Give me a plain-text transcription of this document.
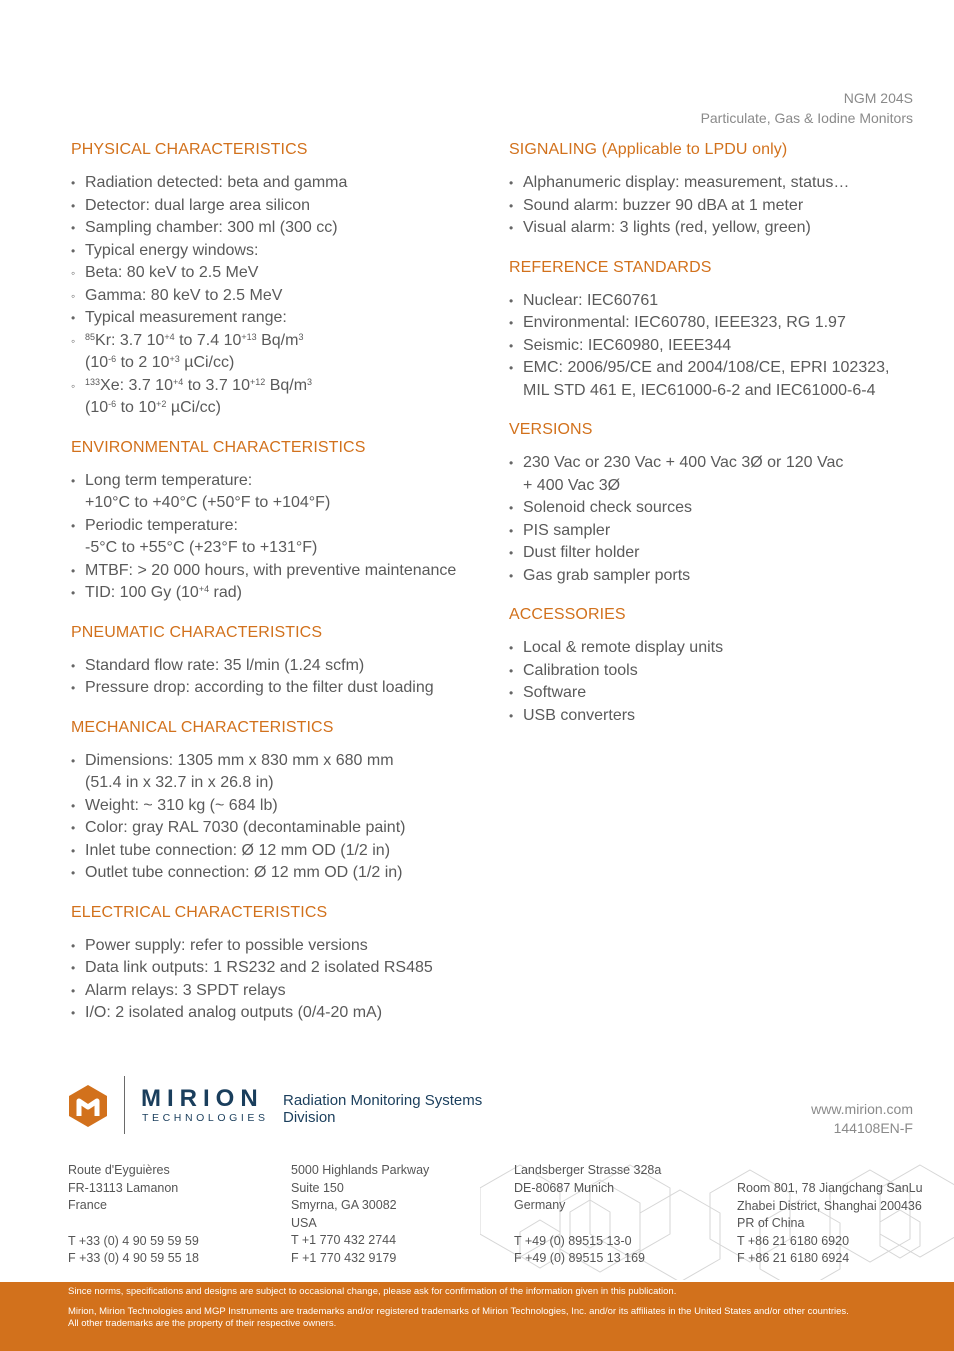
NGM 204S
Particulate, Gas & Iodine Monitors
PHYSICAL CHARACTERISTICS
• Radiation detected: beta and gamma
• Detector: dual large area silicon
• Sampling chamber: 300 ml (300 cc)
• Typical energy windows:
◦ Beta: 80 keV to 2.5 MeV
◦ Gamma: 80 keV to 2.5 MeV
• Typical measurement range:
◦ $^{85}$Kr: 3.7 $10^{+4}$ to 7.4 $10^{+13}$ $Bq/m^3$
($10^{-6}$ to 2 $10^{+3}$ µCi/cc)
◦ $^{133}$Xe: 3.7 $10^{+4}$ to 3.7 $10^{+12}$ $Bq/m^3$
($10^{-6}$ to $10^{+2}$ µCi/cc)
ENVIRONMENTAL CHARACTERISTICS
• Long term temperature:
+10°C to +40°C (+50°F to +104°F)
• Periodic temperature:
-5°C to +55°C (+23°F to +131°F)
• MTBF: > 20 000 hours, with preventive maintenance
• TID: 100 Gy ($10^{+4}$ rad)
PNEUMATIC CHARACTERISTICS
• Standard flow rate: 35 l/min (1.24 scfm)
• Pressure drop: according to the filter dust loading
MECHANICAL CHARACTERISTICS
• Dimensions: 1305 mm x 830 mm x 680 mm
(51.4 in x 32.7 in x 26.8 in)
• Weight: ~ 310 kg (~ 684 lb)
• Color: gray RAL 7030 (decontaminable paint)
• Inlet tube connection: Ø 12 mm OD (1/2 in)
• Outlet tube connection: Ø 12 mm OD (1/2 in)
ELECTRICAL CHARACTERISTICS
• Power supply: refer to possible versions
• Data link outputs: 1 RS232 and 2 isolated RS485
• Alarm relays: 3 SPDT relays
• I/O: 2 isolated analog outputs (0/4-20 mA)
SIGNALING (Applicable to LPDU only)
• Alphanumeric display: measurement, status…
• Sound alarm: buzzer 90 dBA at 1 meter
• Visual alarm: 3 lights (red, yellow, green)
REFERENCE STANDARDS
• Nuclear: IEC60761
• Environmental: IEC60780, IEEE323, RG 1.97
• Seismic: IEC60980, IEEE344
• EMC: 2006/95/CE and 2004/108/CE, EPRI 102323,
MIL STD 461 E, IEC61000-6-2 and IEC61000-6-4
VERSIONS
• 230 Vac or 230 Vac + 400 Vac 3Ø or 120 Vac
+ 400 Vac 3Ø
• Solenoid check sources
• PIS sampler
• Dust filter holder
• Gas grab sampler ports
ACCESSORIES
• Local & remote display units
• Calibration tools
• Software
• USB converters
MIRION
TECHNOLOGIES
Radiation Monitoring Systems
Division	www.mirion.com
144108EN-F
Route d'Eyguières
FR-13113 Lamanon
France
T +33 (0) 4 90 59 59 59
F +33 (0) 4 90 59 55 18
5000 Highlands Parkway
Suite 150
Smyrna, GA 30082
USA
T +1 770 432 2744
F +1 770 432 9179
Landsberger Strasse 328a
DE-80687 Munich
Germany
T +49 (0) 89515 13-0
F +49 (0) 89515 13 169
Room 801, 78 Jiangchang SanLu
Zhabei District, Shanghai 200436
PR of China
T +86 21 6180 6920
F +86 21 6180 6924

Since norms, specifications and designs are subject to occasional change, please ask for confirmation of the information given in this publication.

Mirion, Mirion Technologies and MGP Instruments are trademarks and/or registered trademarks of Mirion Technologies, Inc. and/or its affiliates in the United States and/or other countries.

All other trademarks are the property of their respective owners.
